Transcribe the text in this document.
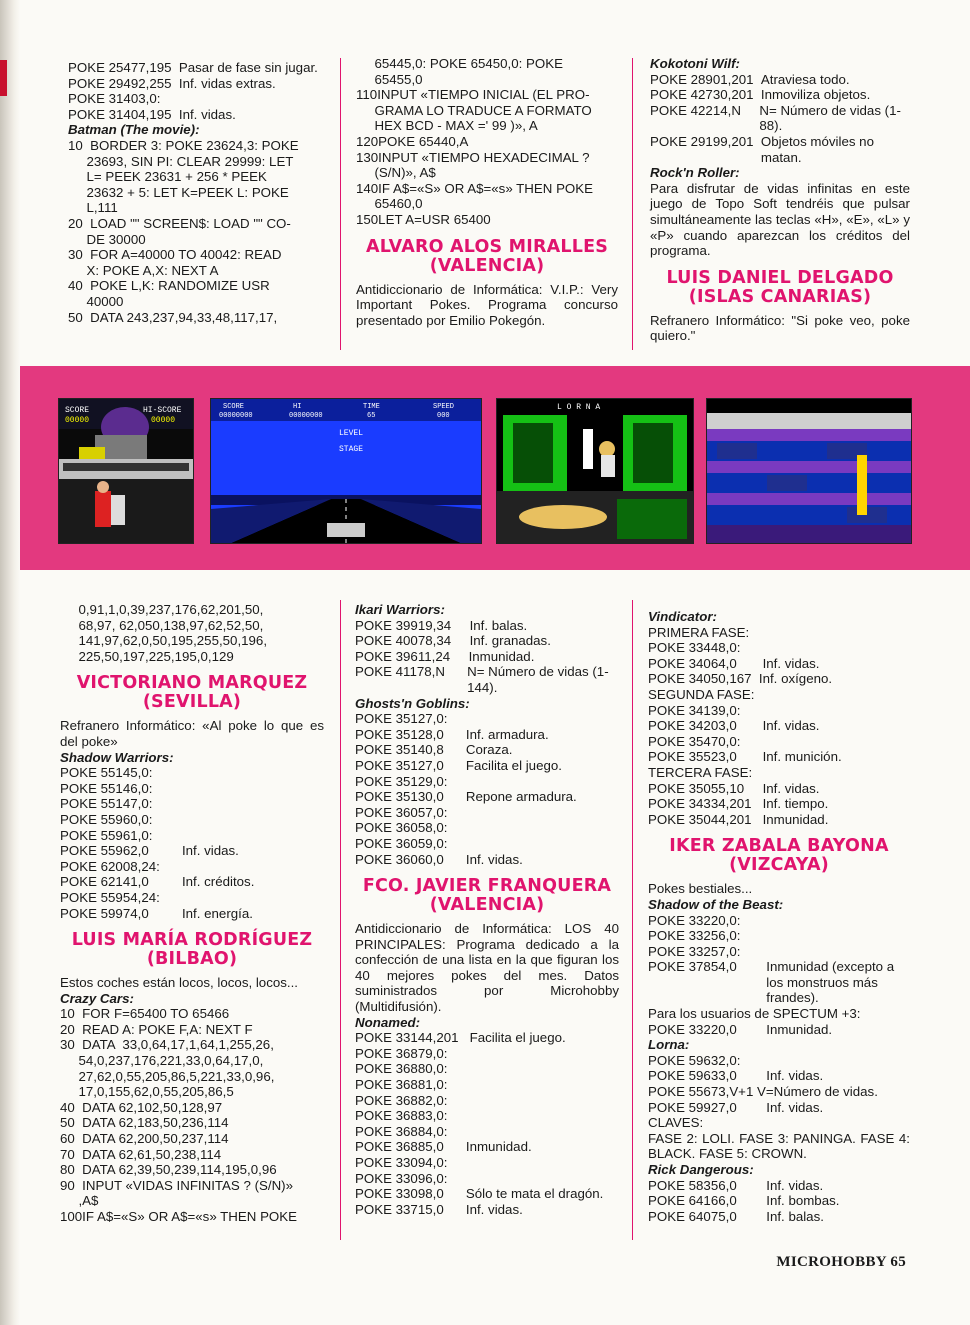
POKE 25477,195 Pasar de fase sin jugar.
POKE 29492,255 Inf. vidas extras.
POKE 31403,0:
POKE 31404,195 Inf. vidas.
Batman (The movie):
10  BORDER 3: POKE 23624,3: POKE
23693, SIN PI: CLEAR 29999: LET
L= PEEK 23631 + 256 * PEEK
23632 + 5: LET K=PEEK L: POKE
L,111
20  LOAD "" SCREEN$: LOAD "" CO-
DE 30000
30  FOR A=40000 TO 40042: READ
X: POKE A,X: NEXT A
40  POKE L,K: RANDOMIZE USR
40000
50  DATA 243,237,94,33,48,117,17,
65445,0: POKE 65450,0: POKE
65455,0
110INPUT «TIEMPO INICIAL (EL PRO-
GRAMA LO TRADUCE A FORMATO
HEX BCD - MAX =' 99 )», A
120POKE 65440,A
130INPUT «TIEMPO HEXADECIMAL ?
(S/N)», A$
140IF A$=«S» OR A$=«s» THEN POKE
65460,0
150LET A=USR 65400
ALVARO ALOS MIRALLES (VALENCIA)
Antidiccionario de Informática: V.I.P.: Very Important Pokes. Programa concurso presentado por Emilio Pokegón.
Kokotoni Wilf:
POKE 28901,201 Atraviesa todo.
POKE 42730,201 Inmoviliza objetos.
POKE 42214,N N= Número de vidas (1-88).
POKE 29199,201 Objetos móviles no matan.
Rock'n Roller:
Para disfrutar de vidas infinitas en este juego de Topo Soft tendréis que pulsar simultáneamente las teclas «H», «E», «L» y «P» cuando aparezcan los créditos del programa.
LUIS DANIEL DELGADO (ISLAS CANARIAS)
Refranero Informático: "Si poke veo, poke quiero."
SCORE
00000
HI-SCORE
00000
SCORE	HI	TIME	SPEED
00000000	00000000	65	000
LEVEL
STAGE
L O R N A
0,91,1,0,39,237,176,62,201,50,
68,97, 62,050,138,97,62,52,50,
141,97,62,0,50,195,255,50,196,
225,50,197,225,195,0,129
VICTORIANO MARQUEZ (SEVILLA)
Refranero Informático: «Al poke lo que es del poke»
Shadow Warriors:
POKE 55145,0:
POKE 55146,0:
POKE 55147,0:
POKE 55960,0:
POKE 55961,0:
POKE 55962,0 Inf. vidas.
POKE 62008,24:
POKE 62141,0 Inf. créditos.
POKE 55954,24:
POKE 59974,0 Inf. energía.
LUIS MARÍA RODRÍGUEZ (BILBAO)
Estos coches están locos, locos, locos...
Crazy Cars:
10  FOR F=65400 TO 65466
20  READ A: POKE F,A: NEXT F
30  DATA  33,0,64,17,1,64,1,255,26,
54,0,237,176,221,33,0,64,17,0,
27,62,0,55,205,86,5,221,33,0,96,
17,0,155,62,0,55,205,86,5
40  DATA 62,102,50,128,97
50  DATA 62,183,50,236,114
60  DATA 62,200,50,237,114
70  DATA 62,61,50,238,114
80  DATA 62,39,50,239,114,195,0,96
90  INPUT «VIDAS INFINITAS ? (S/N)»
,A$
100IF A$=«S» OR A$=«s» THEN POKE
Ikari Warriors:
POKE 39919,34 Inf. balas.
POKE 40078,34 Inf. granadas.
POKE 39611,24 Inmunidad.
POKE 41178,N N= Número de vidas (1-144).
Ghosts'n Goblins:
POKE 35127,0:
POKE 35128,0 Inf. armadura.
POKE 35140,8 Coraza.
POKE 35127,0 Facilita el juego.
POKE 35129,0:
POKE 35130,0 Repone armadura.
POKE 36057,0:
POKE 36058,0:
POKE 36059,0:
POKE 36060,0 Inf. vidas.
FCO. JAVIER FRANQUERA (VALENCIA)
Antidiccionario de Informática: LOS 40 PRINCIPALES: Programa dedicado a la confección de una lista en la que figuran los 40 mejores pokes del mes. Datos suministrados por Microhobby (Multidifusión).
Nonamed:
POKE 33144,201 Facilita el juego.
POKE 36879,0:
POKE 36880,0:
POKE 36881,0:
POKE 36882,0:
POKE 36883,0:
POKE 36884,0:
POKE 36885,0 Inmunidad.
POKE 33094,0:
POKE 33096,0:
POKE 33098,0 Sólo te mata el dragón.
POKE 33715,0 Inf. vidas.
Vindicator:
PRIMERA FASE:
POKE 33448,0:
POKE 34064,0 Inf. vidas.
POKE 34050,167 Inf. oxígeno.
SEGUNDA FASE:
POKE 34139,0:
POKE 34203,0 Inf. vidas.
POKE 35470,0:
POKE 35523,0 Inf. munición.
TERCERA FASE:
POKE 35055,10 Inf. vidas.
POKE 34334,201 Inf. tiempo.
POKE 35044,201 Inmunidad.
IKER ZABALA BAYONA (VIZCAYA)
Pokes bestiales...
Shadow of the Beast:
POKE 33220,0:
POKE 33256,0:
POKE 33257,0:
POKE 37854,0 Inmunidad (excepto a los monstruos más frandes).
Para los usuarios de SPECTUM +3:
POKE 33220,0 Inmunidad.
Lorna:
POKE 59632,0:
POKE 59633,0 Inf. vidas.
POKE 55673,V+1 V=Número de vidas.
POKE 59927,0 Inf. vidas.
CLAVES:
FASE 2: LOLI. FASE 3: PANINGA. FASE 4: BLACK. FASE 5: CROWN.
Rick Dangerous:
POKE 58356,0 Inf. vidas.
POKE 64166,0 Inf. bombas.
POKE 64075,0 Inf. balas.
MICROHOBBY 65
